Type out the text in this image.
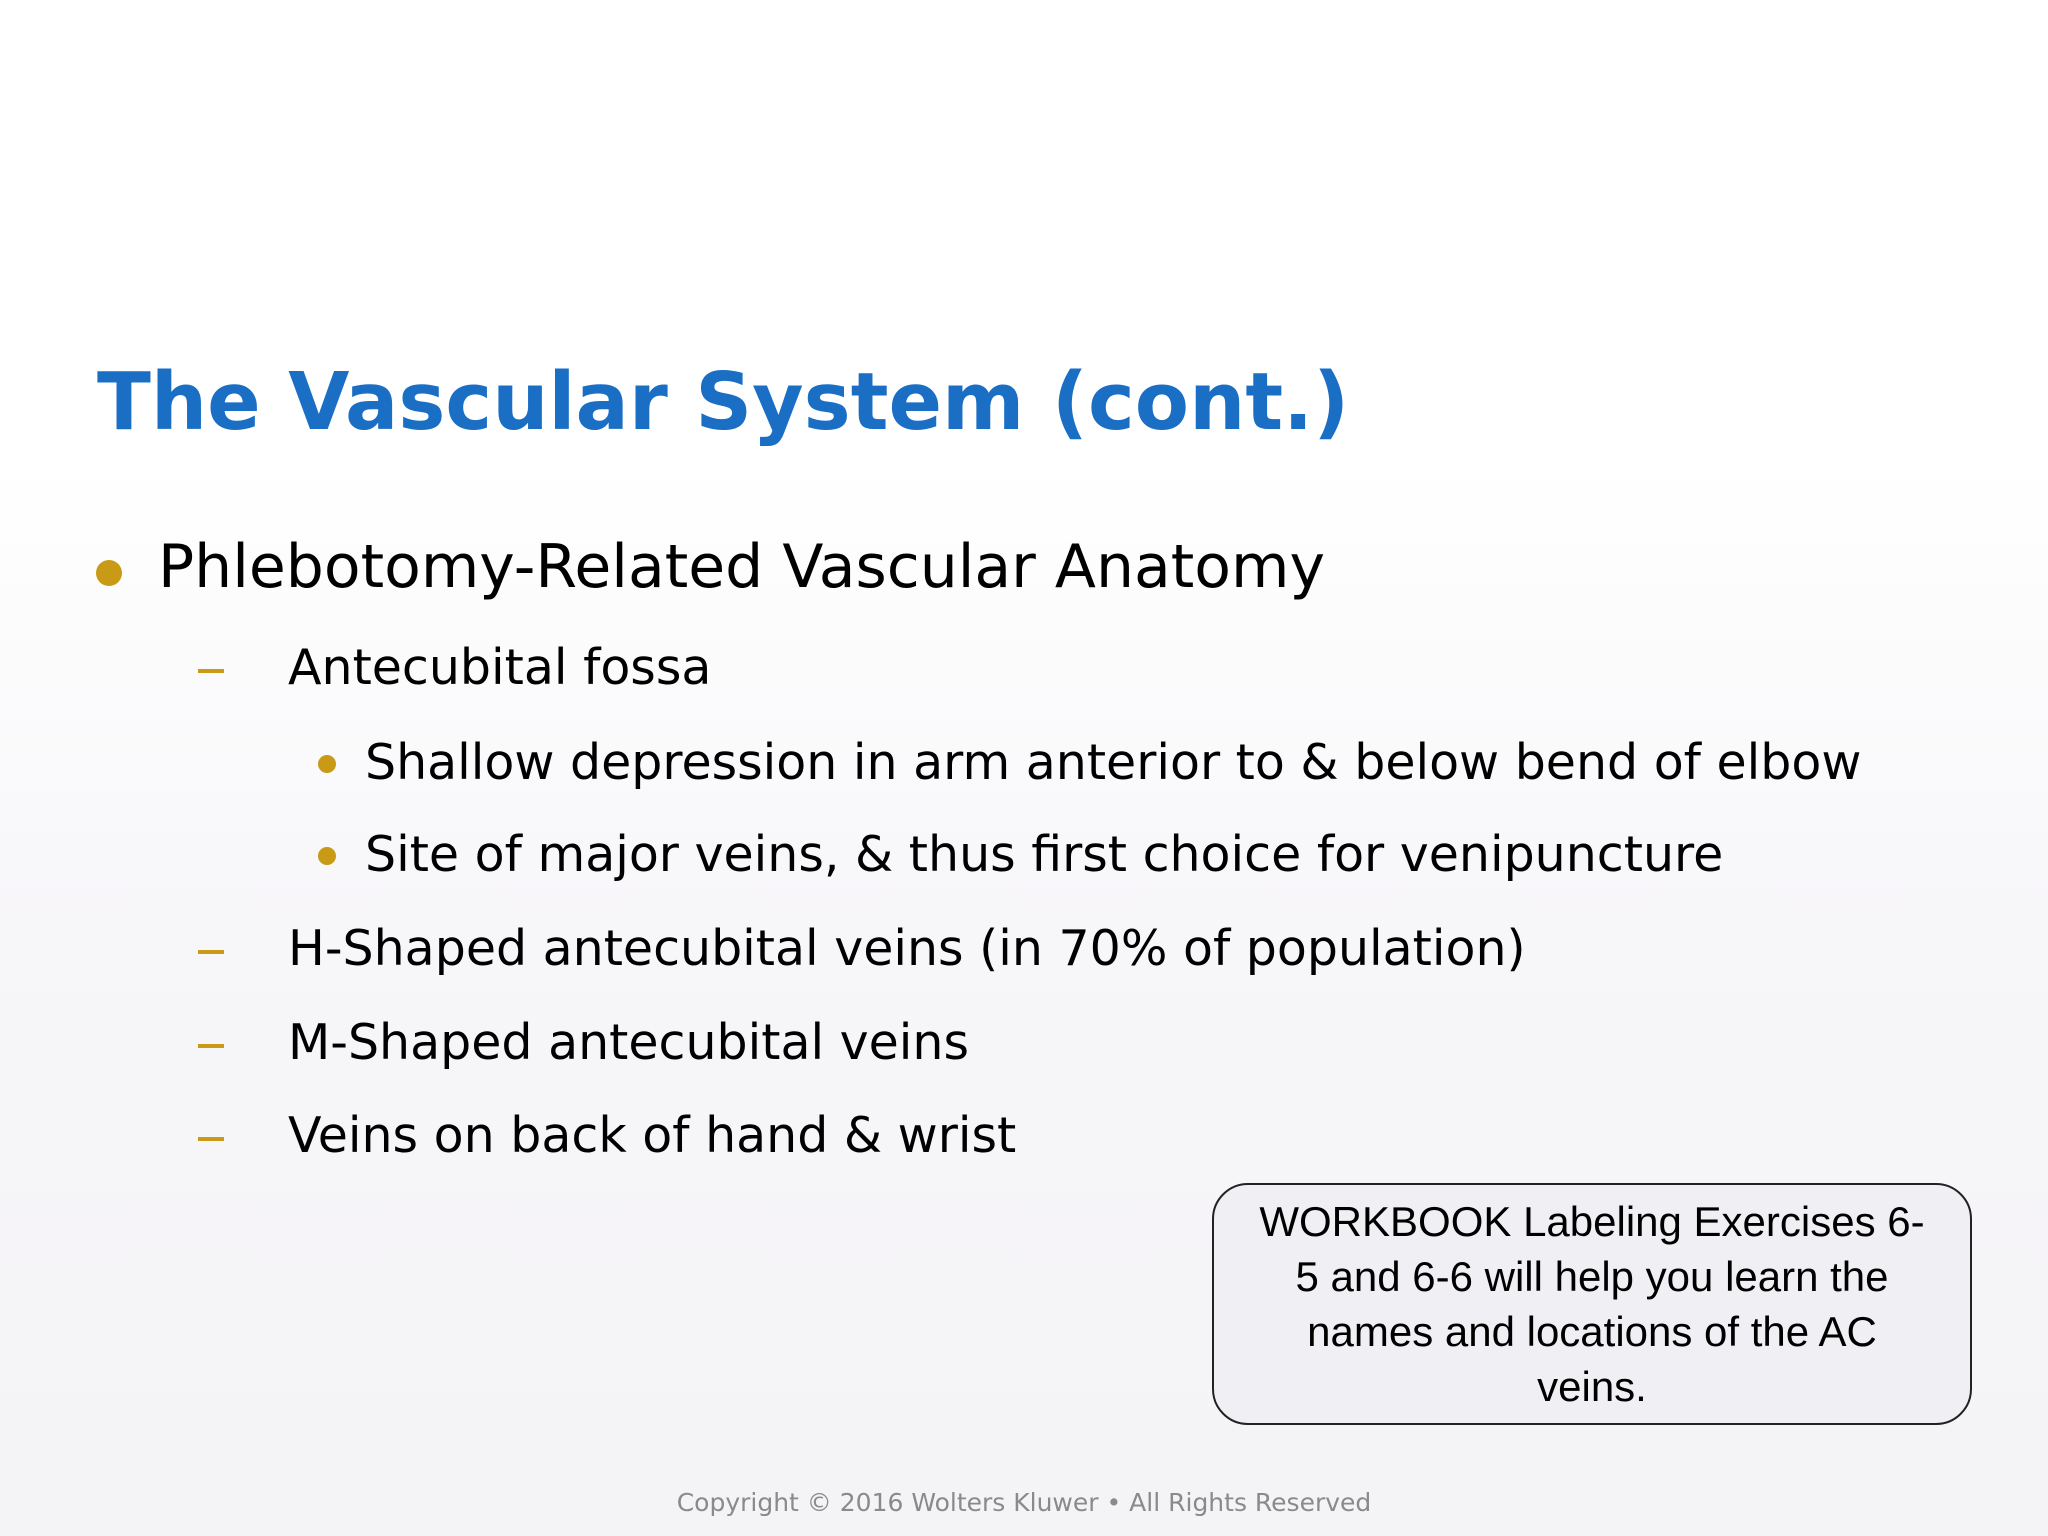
The Vascular System (cont.)
Phlebotomy-Related Vascular Anatomy
Antecubital fossa
Shallow depression in arm anterior to & below bend of elbow
Site of major veins, & thus first choice for venipuncture
H-Shaped antecubital veins (in 70% of population)
M-Shaped antecubital veins
Veins on back of hand & wrist
WORKBOOK Labeling Exercises 6-
5 and 6-6 will help you learn the
names and locations of the AC
veins.
Copyright © 2016 Wolters Kluwer • All Rights Reserved
